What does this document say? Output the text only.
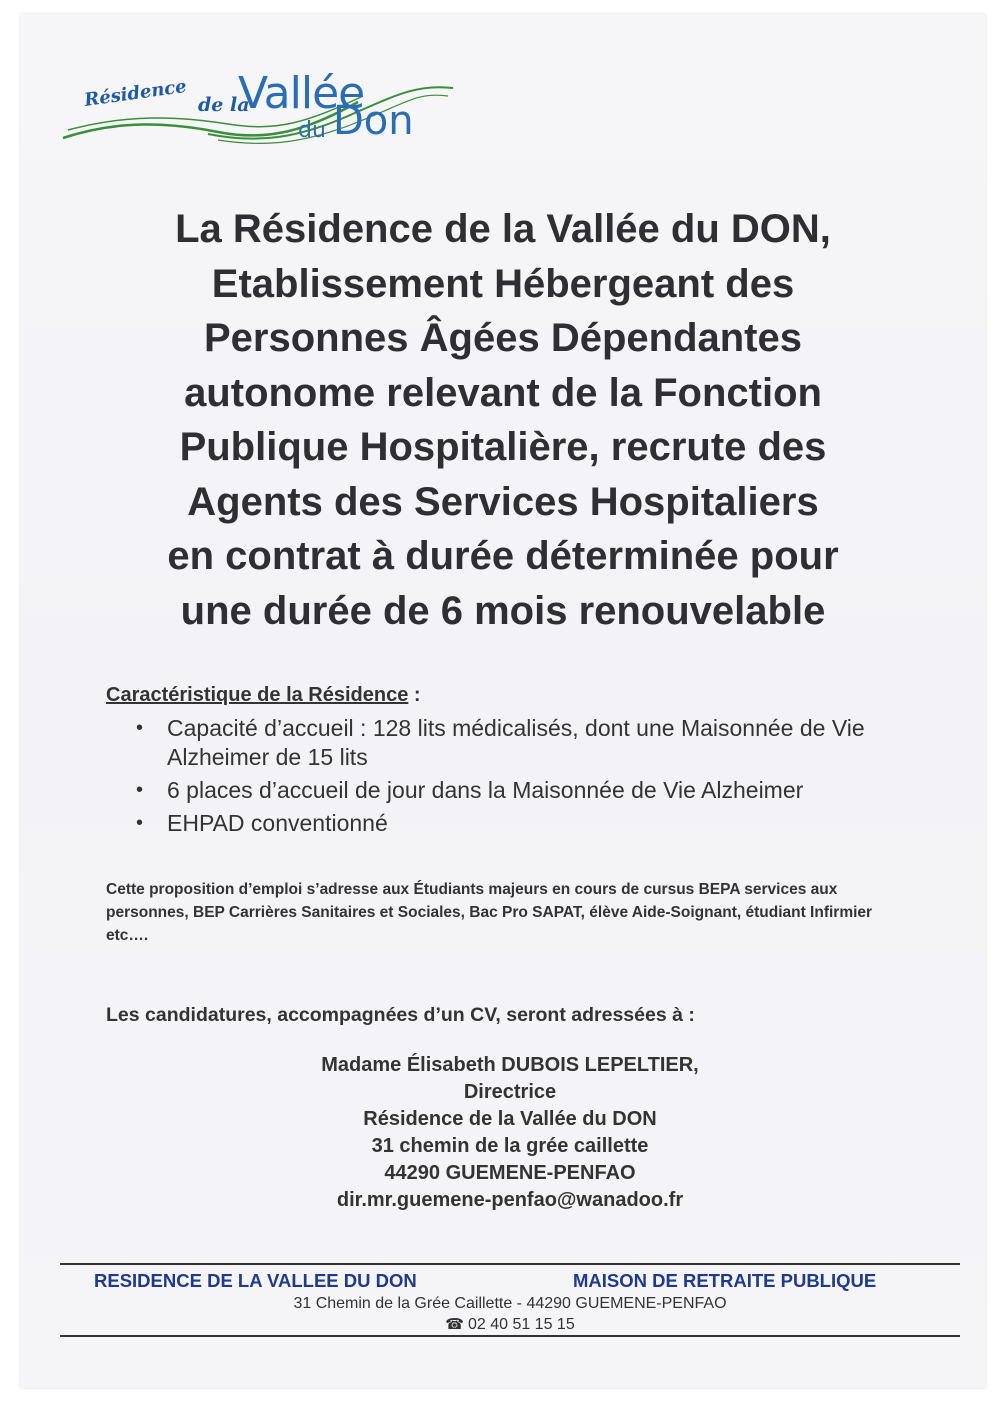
Résidence de la
Vallée
du Don
La Résidence de la Vallée du DON,
Etablissement Hébergeant des
Personnes Âgées Dépendantes
autonome relevant de la Fonction
Publique Hospitalière, recrute des
Agents des Services Hospitaliers
en contrat à durée déterminée pour
une durée de 6 mois renouvelable
Caractéristique de la Résidence :
• Capacité d’accueil : 128 lits médicalisés, dont une Maisonnée de Vie Alzheimer de 15 lits
• 6 places d’accueil de jour dans la Maisonnée de Vie Alzheimer
• EHPAD conventionné
Cette proposition d’emploi s’adresse aux Étudiants majeurs en cours de cursus BEPA services aux personnes, BEP Carrières Sanitaires et Sociales, Bac Pro SAPAT, élève Aide-Soignant, étudiant Infirmier etc….
Les candidatures, accompagnées d’un CV, seront adressées à :
Madame Élisabeth DUBOIS LEPELTIER,
Directrice
Résidence de la Vallée du DON
31 chemin de la grée caillette
44290 GUEMENE-PENFAO
dir.mr.guemene-penfao@wanadoo.fr
RESIDENCE DE LA VALLEE DU DON	MAISON DE RETRAITE PUBLIQUE
31 Chemin de la Grée Caillette - 44290 GUEMENE-PENFAO
☎ 02 40 51 15 15
